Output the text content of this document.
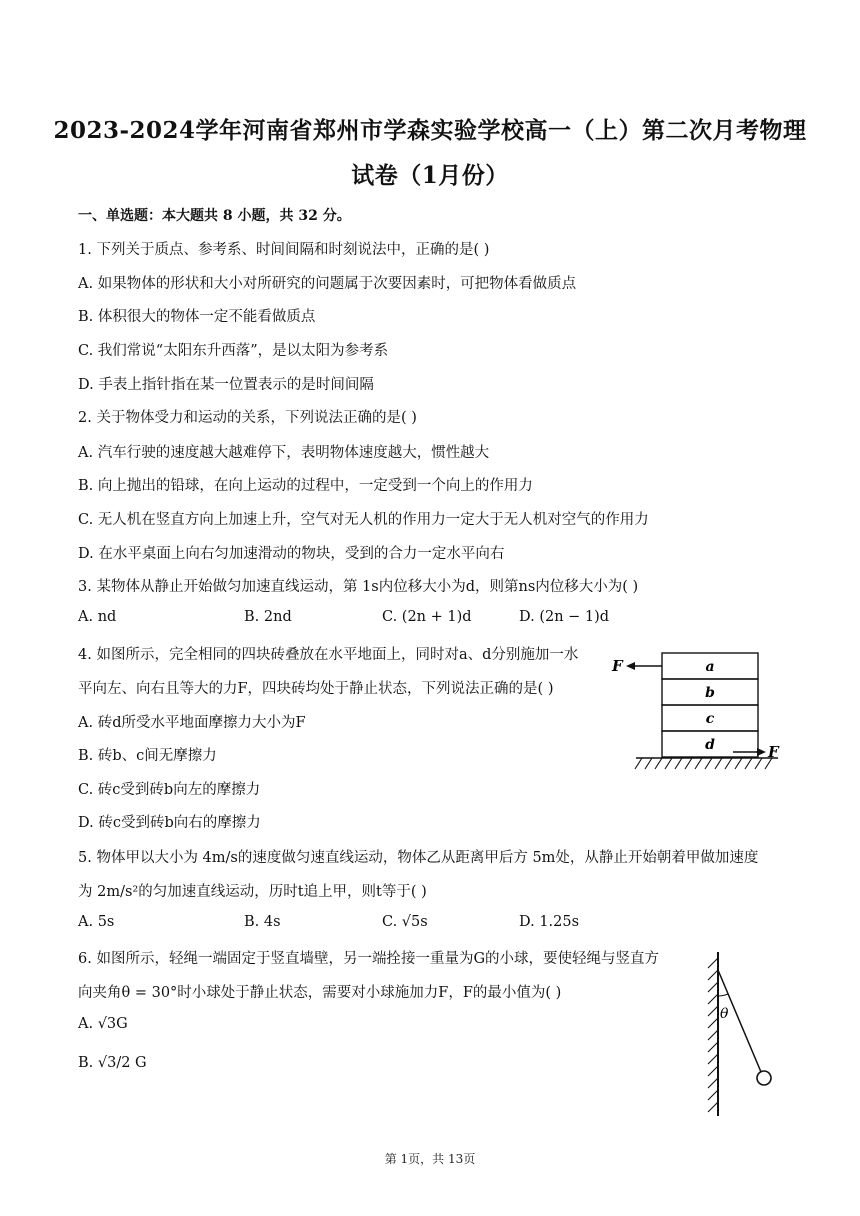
2023-2024学年河南省郑州市学森实验学校高一（上）第二次月考物理
试卷（1月份）
一、单选题：本大题共 8 小题，共 32 分。
1. 下列关于质点、参考系、时间间隔和时刻说法中，正确的是( )
A. 如果物体的形状和大小对所研究的问题属于次要因素时，可把物体看做质点
B. 体积很大的物体一定不能看做质点
C. 我们常说“太阳东升西落”，是以太阳为参考系
D. 手表上指针指在某一位置表示的是时间间隔
2. 关于物体受力和运动的关系，下列说法正确的是( )
A. 汽车行驶的速度越大越难停下，表明物体速度越大，惯性越大
B. 向上抛出的铅球，在向上运动的过程中，一定受到一个向上的作用力
C. 无人机在竖直方向上加速上升，空气对无人机的作用力一定大于无人机对空气的作用力
D. 在水平桌面上向右匀加速滑动的物块，受到的合力一定水平向右
3. 某物体从静止开始做匀加速直线运动，第 1s内位移大小为d，则第ns内位移大小为( )
A. nd	B. 2nd	C. (2n + 1)d	D. (2n − 1)d
4. 如图所示，完全相同的四块砖叠放在水平地面上，同时对a、d分别施加一水
平向左、向右且等大的力F，四块砖均处于静止状态，下列说法正确的是( )
A. 砖d所受水平地面摩擦力大小为F
B. 砖b、c间无摩擦力
C. 砖c受到砖b向左的摩擦力
D. 砖c受到砖b向右的摩擦力
a
b
c
d
F
F
5. 物体甲以大小为 4m/s的速度做匀速直线运动，物体乙从距离甲后方 5m处，从静止开始朝着甲做加速度
为 2m/s²的匀加速直线运动，历时t追上甲，则t等于( )
A. 5s	B. 4s	C. √5s	D. 1.25s
6. 如图所示，轻绳一端固定于竖直墙壁，另一端拴接一重量为G的小球，要使轻绳与竖直方
向夹角θ = 30°时小球处于静止状态，需要对小球施加力F，F的最小值为( )
A. √3G
B. √3/2 G
θ
第 1页，共 13页
